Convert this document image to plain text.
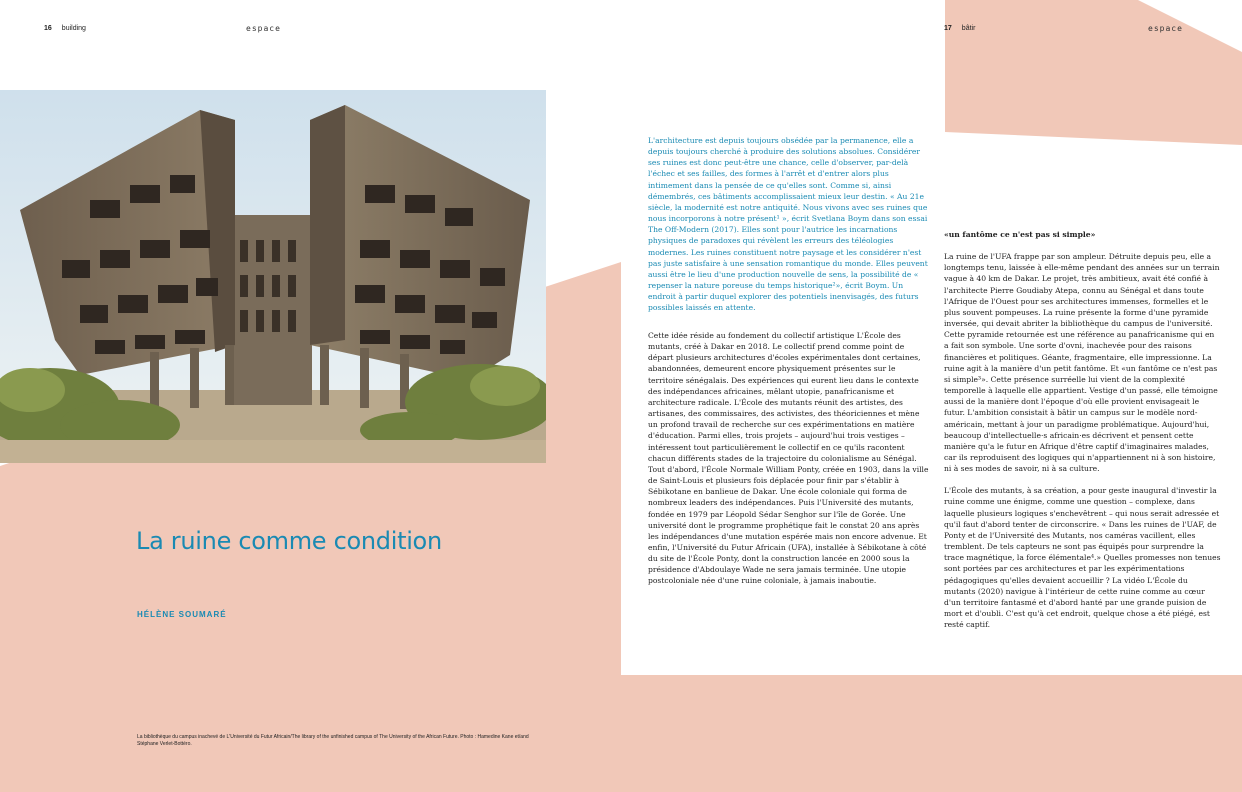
16 building	espace	17 bâtir	espace
La ruine comme condition
HÉLÈNE SOUMARÉ

La bibliothèque du campus inachevé de L'Université du Futur Africain/The library of the unfinished campus of The University of the African Future. Photo : Hamedine Kane et/and Stéphane Verlet-Bottéro.

L'architecture est depuis toujours obsédée par la permanence, elle a depuis toujours cherché à produire des solutions absolues. Considérer ses ruines est donc peut-être une chance, celle d'observer, par-delà l'échec et ses failles, des formes à l'arrêt et d'entrer alors plus intimement dans la pensée de ce qu'elles sont. Comme si, ainsi démembrés, ces bâtiments accomplissaient mieux leur destin. « Au 21e siècle, la modernité est notre antiquité. Nous vivons avec ses ruines que nous incorporons à notre présent¹ », écrit Svetlana Boym dans son essai The Off-Modern (2017). Elles sont pour l'autrice les incarnations physiques de paradoxes qui révèlent les erreurs des téléologies modernes. Les ruines constituent notre paysage et les considérer n'est pas juste satisfaire à une sensation romantique du monde. Elles peuvent aussi être le lieu d'une production nouvelle de sens, la possibilité de « repenser la nature poreuse du temps historique²», écrit Boym. Un endroit à partir duquel explorer des potentiels inenvisagés, des futurs possibles laissés en attente.

Cette idée réside au fondement du collectif artistique L'École des mutants, créé à Dakar en 2018. Le collectif prend comme point de départ plusieurs architectures d'écoles expérimentales dont certaines, abandonnées, demeurent encore physiquement présentes sur le territoire sénégalais. Des expériences qui eurent lieu dans le contexte des indépendances africaines, mêlant utopie, panafricanisme et architecture radicale. L'École des mutants réunit des artistes, des artisanes, des commissaires, des activistes, des théoriciennes et mène un profond travail de recherche sur ces expérimentations en matière d'éducation. Parmi elles, trois projets – aujourd'hui trois vestiges – intéressent tout particulièrement le collectif en ce qu'ils racontent chacun différents stades de la trajectoire du colonialisme au Sénégal. Tout d'abord, l'École Normale William Ponty, créée en 1903, dans la ville de Saint-Louis et plusieurs fois déplacée pour finir par s'établir à Sébikotane en banlieue de Dakar. Une école coloniale qui forma de nombreux leaders des indépendances. Puis l'Université des mutants, fondée en 1979 par Léopold Sédar Senghor sur l'île de Gorée. Une université dont le programme prophétique fait le constat 20 ans après les indépendances d'une mutation espérée mais non encore advenue. Et enfin, l'Université du Futur Africain (UFA), installée à Sébikotane à côté du site de l'École Ponty, dont la construction lancée en 2000 sous la présidence d'Abdoulaye Wade ne sera jamais terminée. Une utopie postcoloniale née d'une ruine coloniale, à jamais inaboutie.

«un fantôme ce n'est pas si simple»

La ruine de l'UFA frappe par son ampleur. Détruite depuis peu, elle a longtemps tenu, laissée à elle-même pendant des années sur un terrain vague à 40 km de Dakar. Le projet, très ambitieux, avait été confié à l'architecte Pierre Goudiaby Atepa, connu au Sénégal et dans toute l'Afrique de l'Ouest pour ses architectures immenses, formelles et le plus souvent pompeuses. La ruine présente la forme d'une pyramide inversée, qui devait abriter la bibliothèque du campus de l'université. Cette pyramide retournée est une référence au panafricanisme qui en a fait son symbole. Une sorte d'ovni, inachevée pour des raisons financières et politiques. Géante, fragmentaire, elle impressionne. La ruine agit à la manière d'un petit fantôme. Et «un fantôme ce n'est pas si simple³». Cette présence surréelle lui vient de la complexité temporelle à laquelle elle appartient. Vestige d'un passé, elle témoigne aussi de la manière dont l'époque d'où elle provient envisageait le futur. L'ambition consistait à bâtir un campus sur le modèle nord-américain, mettant à jour un paradigme problématique. Aujourd'hui, beaucoup d'intellectuelle·s africain·es décrivent et pensent cette manière qu'a le futur en Afrique d'être captif d'imaginaires malades, car ils reproduisent des logiques qui n'appartiennent ni à son histoire, ni à ses modes de savoir, ni à sa culture.

L'École des mutants, à sa création, a pour geste inaugural d'investir la ruine comme une énigme, comme une question – complexe, dans laquelle plusieurs logiques s'enchevêtrent – qui nous serait adressée et qu'il faut d'abord tenter de circonscrire. « Dans les ruines de l'UAF, de Ponty et de l'Université des Mutants, nos caméras vacillent, elles tremblent. De tels capteurs ne sont pas équipés pour surprendre la trace magnétique, la force élémentale⁴.» Quelles promesses non tenues sont portées par ces architectures et par les expérimentations pédagogiques qu'elles devaient accueillir ? La vidéo L'École du mutants (2020) navigue à l'intérieur de cette ruine comme au cœur d'un territoire fantasmé et d'abord hanté par une grande puision de mort et d'oubli. C'est qu'à cet endroit, quelque chose a été piégé, est resté captif.
